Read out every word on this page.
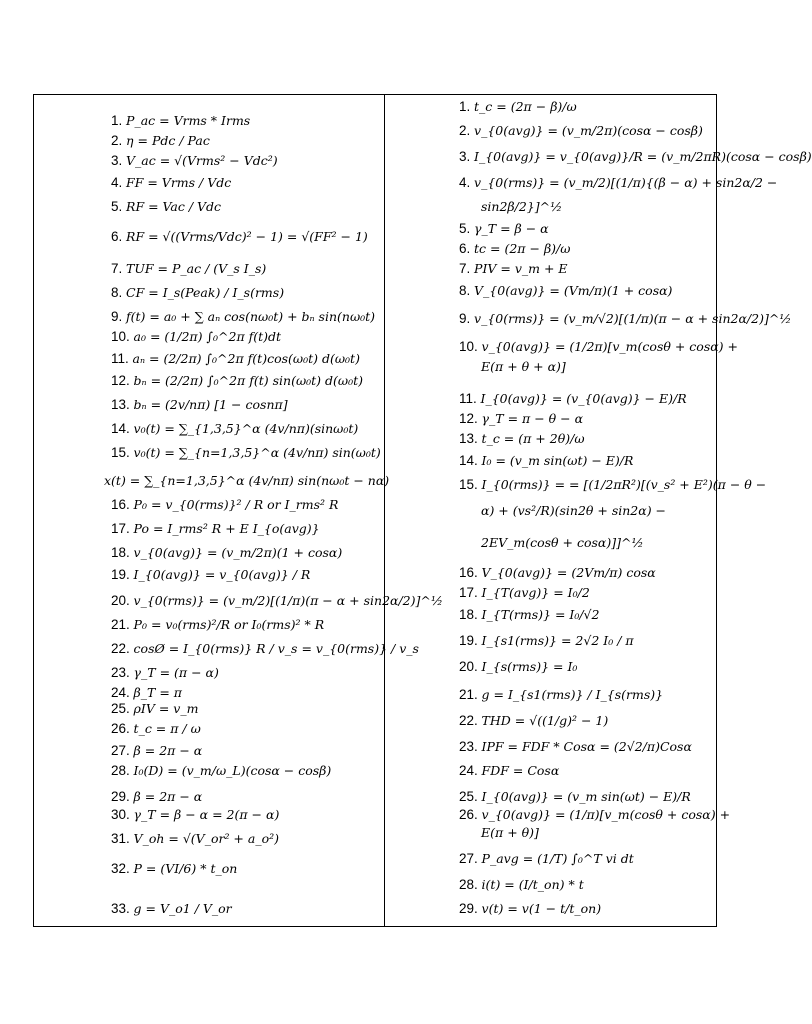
1. P_ac = Vrms * Irms
2. η = Pdc / Pac
3. V_ac = √(Vrms² − Vdc²)
4. FF = Vrms / Vdc
5. RF = Vac / Vdc
6. RF = √((Vrms/Vdc)² − 1) = √(FF² − 1)
7. TUF = P_ac / (V_s I_s)
8. CF = I_s(Peak) / I_s(rms)
9. f(t) = a₀ + ∑ aₙ cos(nω₀t) + bₙ sin(nω₀t)
10. a₀ = (1/2π) ∫₀^2π f(t)dt
11. aₙ = (2/2π) ∫₀^2π f(t)cos(ω₀t) d(ω₀t)
12. bₙ = (2/2π) ∫₀^2π f(t) sin(ω₀t) d(ω₀t)
13. bₙ = (2v/nπ) [1 − cosnπ]
14. v₀(t) = ∑_{1,3,5}^α (4v/nπ)(sinω₀t)
15. v₀(t) = ∑_{n=1,3,5}^α (4v/nπ) sin(ω₀t)
x(t) = ∑_{n=1,3,5}^α (4v/nπ) sin(nω₀t − nα)
16. P₀ = v_{0(rms)}² / R or I_rms² R
17. Po = I_rms² R + E I_{o(avg)}
18. v_{0(avg)} = (v_m/2π)(1 + cosα)
19. I_{0(avg)} = v_{0(avg)} / R
20. v_{0(rms)} = (v_m/2)[(1/π)(π − α + sin2α/2)]^½
21. P₀ = v₀(rms)²/R or I₀(rms)² * R
22. cosØ = I_{0(rms)} R / v_s = v_{0(rms)} / v_s
23. γ_T = (π − α)
24. β_T = π
25. ρIV = v_m
26. t_c = π / ω
27. β = 2π − α
28. I₀(D) = (v_m/ω_L)(cosα − cosβ)
29. β = 2π − α
30. γ_T = β − α = 2(π − α)
31. V_oh = √(V_or² + a_o²)
32. P = (VI/6) * t_on
33. g = V_o1 / V_or
1. t_c = (2π − β)/ω
2. v_{0(avg)} = (v_m/2π)(cosα − cosβ)
3. I_{0(avg)} = v_{0(avg)}/R = (v_m/2πR)(cosα − cosβ)
4. v_{0(rms)} = (v_m/2)[(1/π){(β − α) + sin2α/2 −
sin2β/2}]^½
5. γ_T = β − α
6. tc = (2π − β)/ω
7. PIV = v_m + E
8. V_{0(avg)} = (Vm/π)(1 + cosα)
9. v_{0(rms)} = (v_m/√2)[(1/π)(π − α + sin2α/2)]^½
10. v_{0(avg)} = (1/2π)[v_m(cosθ + cosα) +
E(π + θ + α)]
11. I_{0(avg)} = (v_{0(avg)} − E)/R
12. γ_T = π − θ − α
13. t_c = (π + 2θ)/ω
14. I₀ = (v_m sin(ωt) − E)/R
15. I_{0(rms)} = = [(1/2πR²)[(v_s² + E²)(π − θ −
α) + (vs²/R)(sin2θ + sin2α) −
2EV_m(cosθ + cosα)]]^½
16. V_{0(avg)} = (2Vm/π) cosα
17. I_{T(avg)} = I₀/2
18. I_{T(rms)} = I₀/√2
19. I_{s1(rms)} = 2√2 I₀ / π
20. I_{s(rms)} = I₀
21. g = I_{s1(rms)} / I_{s(rms)}
22. THD = √((1/g)² − 1)
23. IPF = FDF * Cosα = (2√2/π)Cosα
24. FDF = Cosα
25. I_{0(avg)} = (v_m sin(ωt) − E)/R
26. v_{0(avg)} = (1/π)[v_m(cosθ + cosα) +
E(π + θ)]
27. P_avg = (1/T) ∫₀^T vi dt
28. i(t) = (I/t_on) * t
29. v(t) = v(1 − t/t_on)
